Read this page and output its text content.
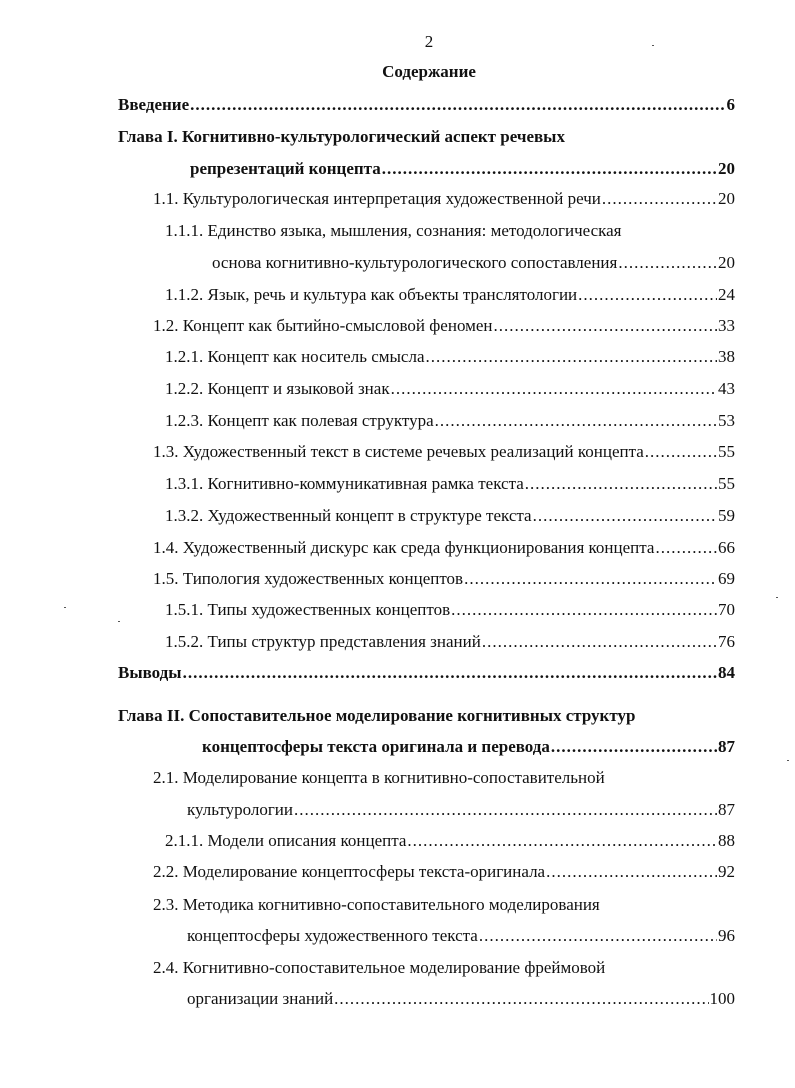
2
Содержание
Введение .....	6
Глава I. Когнитивно-культурологический аспект речевых
репрезентаций концепта .....	20
1.1. Культурологическая интерпретация художественной речи .....	20
1.1.1. Единство языка, мышления, сознания: методологическая
основа когнитивно-культурологического сопоставления .....	20
1.1.2. Язык, речь и культура как объекты транслятологии .....	24
1.2. Концепт как бытийно-смысловой феномен .....	33
1.2.1. Концепт как носитель смысла .....	38
1.2.2. Концепт и языковой знак .....	43
1.2.3. Концепт как полевая структура .....	53
1.3. Художественный текст в системе речевых реализаций концепта .....	55
1.3.1. Когнитивно-коммуникативная рамка текста .....	55
1.3.2. Художественный концепт в структуре текста .....	59
1.4. Художественный дискурс как среда функционирования концепта .....	66
1.5. Типология художественных концептов .....	69
1.5.1. Типы художественных концептов .....	70
1.5.2. Типы структур представления знаний .....	76
Выводы .....	84
Глава II. Сопоставительное моделирование когнитивных структур
концептосферы текста оригинала и перевода .....	87
2.1. Моделирование концепта в когнитивно-сопоставительной
культурологии .....	87
2.1.1. Модели описания концепта .....	88
2.2. Моделирование концептосферы текста-оригинала .....	92
2.3. Методика когнитивно-сопоставительного моделирования
концептосферы художественного текста .....	96
2.4. Когнитивно-сопоставительное моделирование фреймовой
организации знаний .....	100
